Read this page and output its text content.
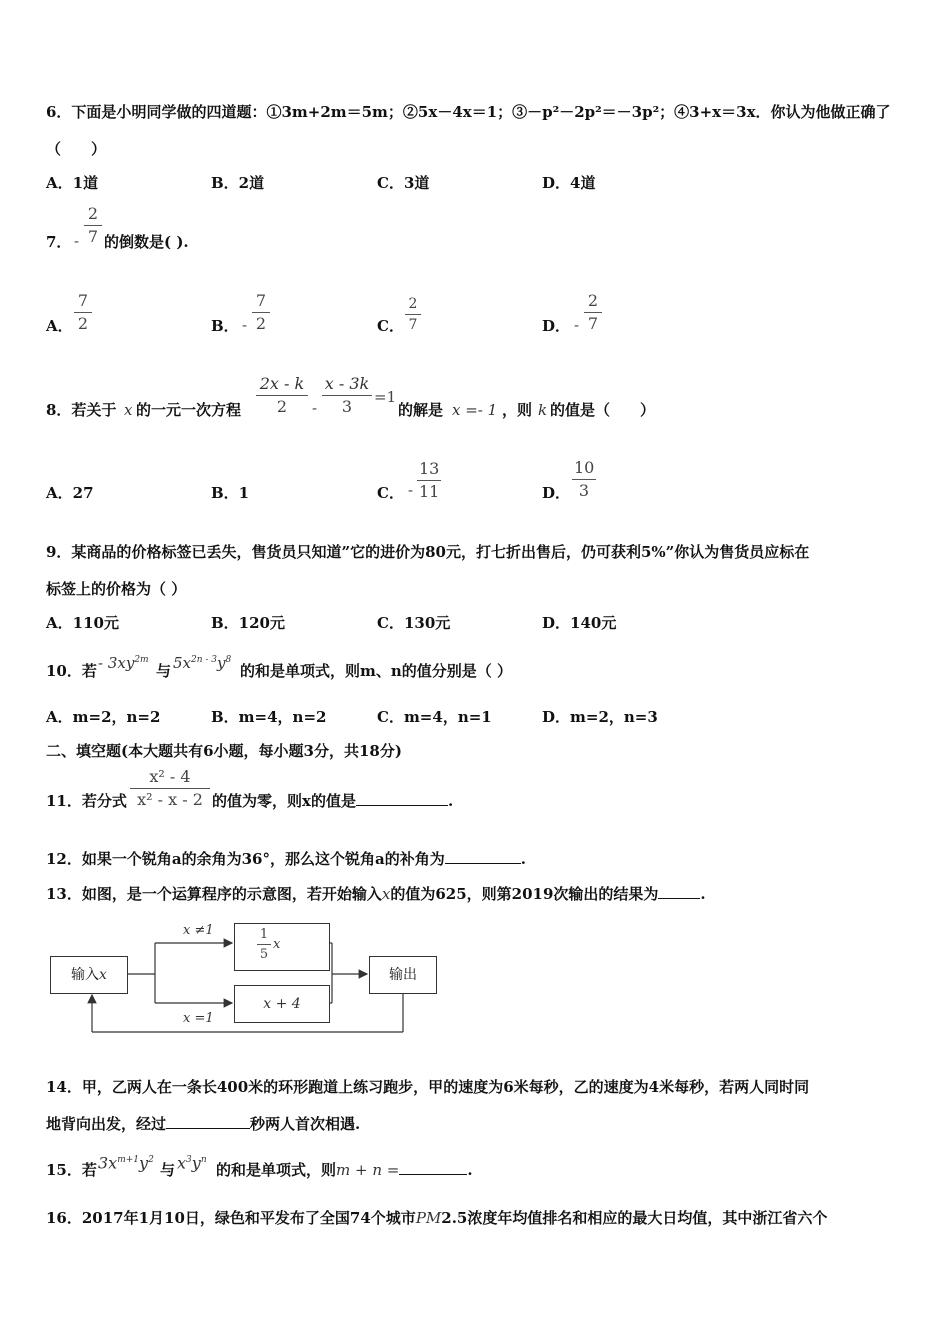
6．下面是小明同学做的四道题：①3m+2m＝5m；②5x－4x＝1；③－p²－2p²＝－3p²；④3+x＝3x．你认为他做正确了
（　　）
A．1道	B．2道	C．3道	D．4道
7． -
2
7 的倒数是( ).
A．
7
2	B． -
7
2	C．
2
7	D． -
2
7
8．若关于 x 的一元一次方程
2x - k
2	-
x - 3k
3	=1
的解是 x =- 1 ，则 k 的值是（　　）
A．27	B．1	C． -
13
11	D．
10
3
9．某商品的价格标签已丢失，售货员只知道”它的进价为80元，打七折出售后，仍可获利5%”你认为售货员应标在
标签上的价格为（ ）
A．110元	B．120元	C．130元	D．140元
10．若 - $3xy^{2m}$
与 $5x^{2n - 3}y^8$
的和是单项式，则m、n的值分别是（ ）
A．m=2，n=2	B．m=4，n=2	C．m=4，n=1	D．m=2，n=3
二、填空题(本大题共有6小题，每小题3分，共18分)
11．若分式
x² - 4
x² - x - 2 的值为零，则x的值是	.
12．如果一个锐角a的余角为36°，那么这个锐角a的补角为	.
13．如图，是一个运算程序的示意图，若开始输入x的值为625，则第2019次输出的结果为	.
输入x
x ≠1	1
5
x
x + 4
x =1
输出
14．甲，乙两人在一条长400米的环形跑道上练习跑步，甲的速度为6米每秒，乙的速度为4米每秒，若两人同时同
地背向出发，经过	秒两人首次相遇.
15．若 $3x^{m+1}y^2$
与 $x^3y^n$
的和是单项式，则m + n =	.
16．2017年1月10日，绿色和平发布了全国74个城市PM2.5浓度年均值排名和相应的最大日均值，其中浙江省六个
